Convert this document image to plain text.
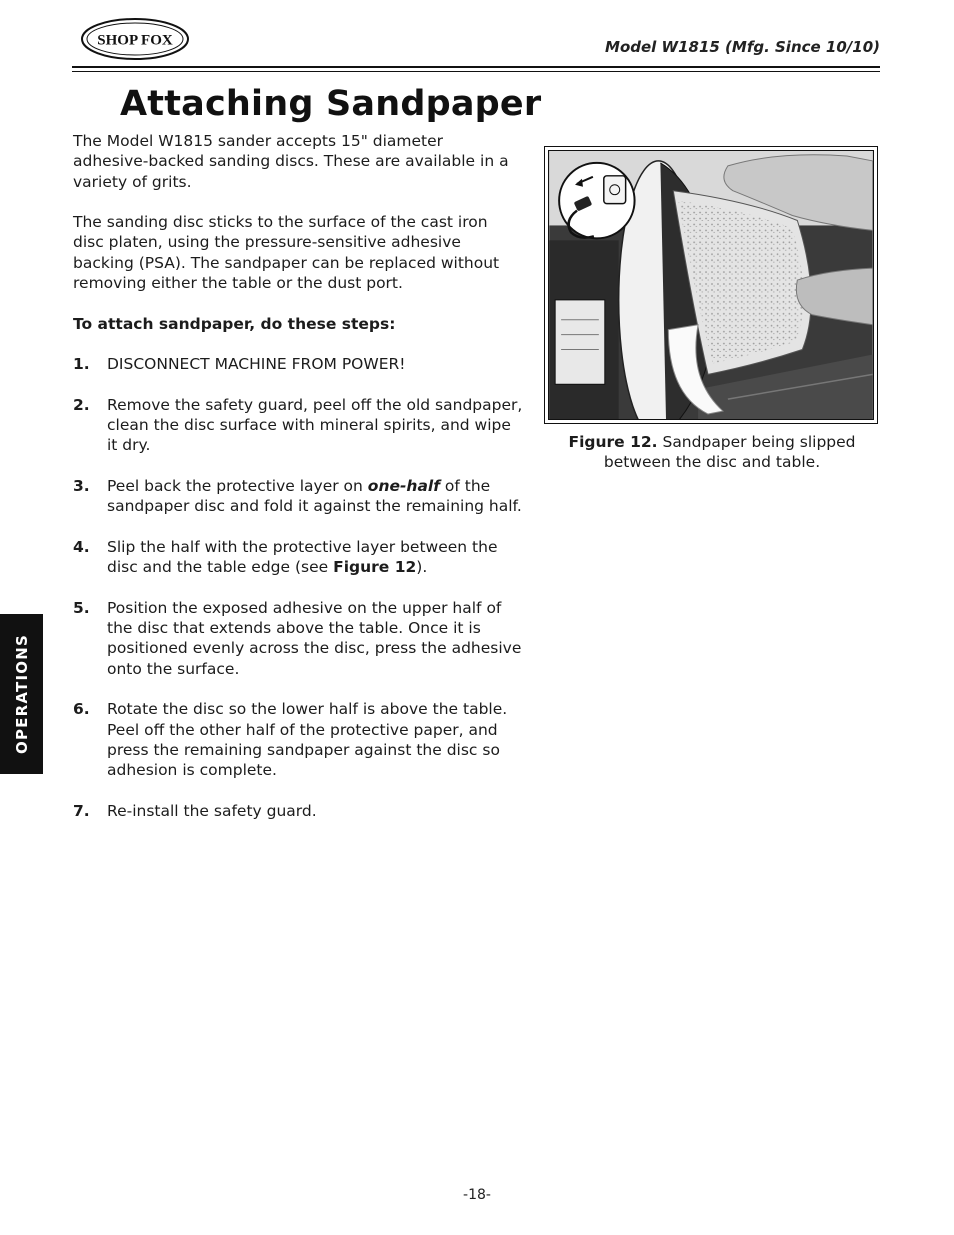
SHOP FOX	Model W1815 (Mfg. Since 10/10)
Attaching Sandpaper

The Model W1815 sander accepts 15" diameter adhesive-backed sanding discs. These are available in a variety of grits.

The sanding disc sticks to the surface of the cast iron disc platen, using the pressure-sensitive adhesive backing (PSA). The sandpaper can be replaced without removing either the table or the dust port.

To attach sandpaper, do these steps:

1.	DISCONNECT MACHINE FROM POWER!
2.	Remove the safety guard, peel off the old sandpaper, clean the disc surface with mineral spirits, and wipe it dry.
3.	Peel back the protective layer on one-half of the sandpaper disc and fold it against the remaining half.
4.	Slip the half with the protective layer between the disc and the table edge (see Figure 12).
5.	Position the exposed adhesive on the upper half of the disc that extends above the table. Once it is positioned evenly across the disc, press the adhesive onto the surface.
6.	Rotate the disc so the lower half is above the table. Peel off the other half of the protective paper, and press the remaining sandpaper against the disc so adhesion is complete.
7.	Re-install the safety guard.
Figure 12. Sandpaper being slipped between the disc and table.
OPERATIONS
-18-
